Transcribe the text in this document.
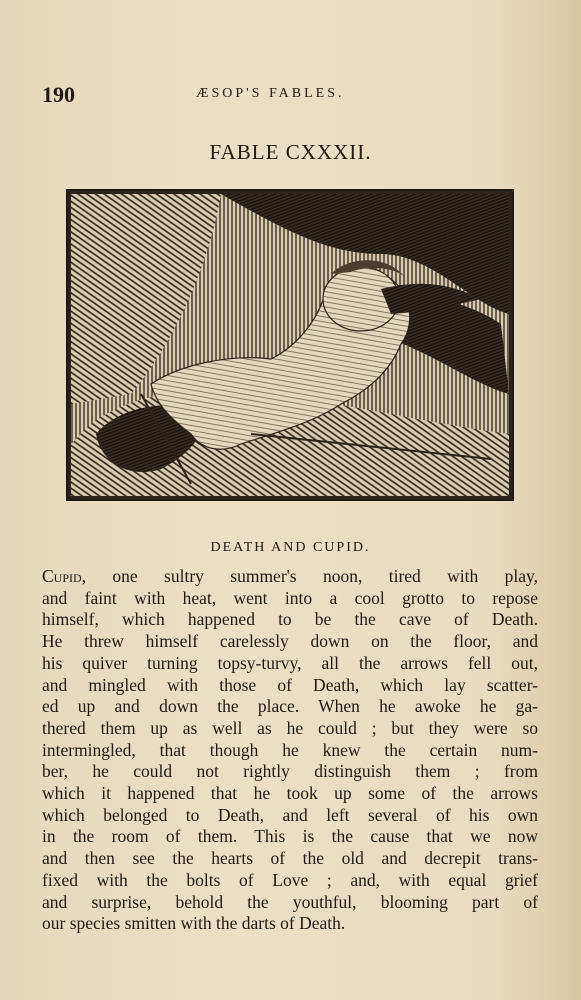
190	ÆSOP'S FABLES.
FABLE CXXXII.
DEATH AND CUPID.
Cupid, one sultry summer's noon, tired with play,
and faint with heat, went into a cool grotto to repose
himself, which happened to be the cave of Death.
He threw himself carelessly down on the floor, and
his quiver turning topsy-turvy, all the arrows fell out,
and mingled with those of Death, which lay scatter-
ed up and down the place. When he awoke he ga-
thered them up as well as he could ; but they were so
intermingled, that though he knew the certain num-
ber, he could not rightly distinguish them ; from
which it happened that he took up some of the arrows
which belonged to Death, and left several of his own
in the room of them. This is the cause that we now
and then see the hearts of the old and decrepit trans-
fixed with the bolts of Love ; and, with equal grief
and surprise, behold the youthful, blooming part of
our species smitten with the darts of Death.
